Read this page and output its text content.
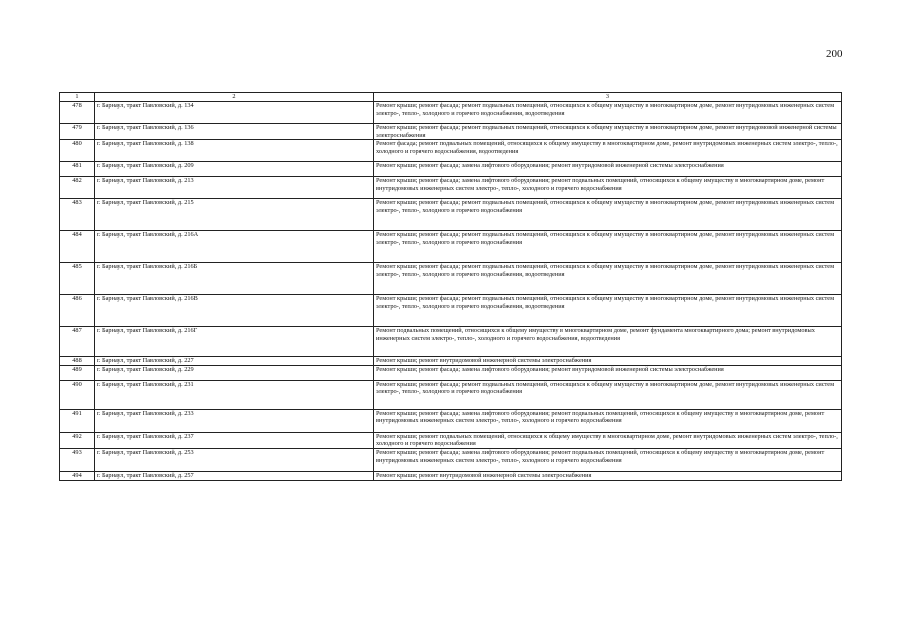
200
1	2	3
478	г. Барнаул, тракт Павловский, д. 134	Ремонт крыши; ремонт фасада; ремонт подвальных помещений, относящихся к общему имуществу в многоквартирном доме, ремонт внутридомовых инженерных систем электро-, тепло-, холодного и горячего водоснабжения, водоотведения
479	г. Барнаул, тракт Павловский, д. 136	Ремонт крыши; ремонт фасада; ремонт подвальных помещений, относящихся к общему имуществу в многоквартирном доме, ремонт внутридомовой инженерной системы электроснабжения
480	г. Барнаул, тракт Павловский, д. 138	Ремонт фасада; ремонт подвальных помещений, относящихся к общему имуществу в многоквартирном доме, ремонт внутридомовых инженерных систем электро-, тепло-, холодного и горячего водоснабжения, водоотведения
481	г. Барнаул, тракт Павловский, д. 209	Ремонт крыши; ремонт фасада; замена лифтового оборудования; ремонт внутридомовой инженерной системы электроснабжения
482	г. Барнаул, тракт Павловский, д. 213	Ремонт крыши; ремонт фасада; замена лифтового оборудования; ремонт подвальных помещений, относящихся к общему имуществу в многоквартирном доме, ремонт внутридомовых инженерных систем электро-, тепло-, холодного и горячего водоснабжения
483	г. Барнаул, тракт Павловский, д. 215	Ремонт крыши; ремонт фасада; ремонт подвальных помещений, относящихся к общему имуществу в многоквартирном доме, ремонт внутридомовых инженерных систем электро-, тепло-, холодного и горячего водоснабжения
484	г. Барнаул, тракт Павловский, д. 216А	Ремонт крыши; ремонт фасада; ремонт подвальных помещений, относящихся к общему имуществу в многоквартирном доме, ремонт внутридомовых инженерных систем электро-, тепло-, холодного и горячего водоснабжения
485	г. Барнаул, тракт Павловский, д. 216Б	Ремонт крыши; ремонт фасада; ремонт подвальных помещений, относящихся к общему имуществу в многоквартирном доме, ремонт внутридомовых инженерных систем электро-, тепло-, холодного и горячего водоснабжения, водоотведения
486	г. Барнаул, тракт Павловский, д. 216В	Ремонт крыши; ремонт фасада; ремонт подвальных помещений, относящихся к общему имуществу в многоквартирном доме, ремонт внутридомовых инженерных систем электро-, тепло-, холодного и горячего водоснабжения, водоотведения
487	г. Барнаул, тракт Павловский, д. 216Г	Ремонт подвальных помещений, относящихся к общему имуществу в многоквартирном доме, ремонт фундамента многоквартирного дома; ремонт внутридомовых инженерных систем электро-, тепло-, холодного и горячего водоснабжения, водоотведения
488	г. Барнаул, тракт Павловский, д. 227	Ремонт крыши; ремонт внутридомовой инженерной системы электроснабжения
489	г. Барнаул, тракт Павловский, д. 229	Ремонт крыши; ремонт фасада; замена лифтового оборудования; ремонт внутридомовой инженерной системы электроснабжения
490	г. Барнаул, тракт Павловский, д. 231	Ремонт крыши; ремонт фасада; ремонт подвальных помещений, относящихся к общему имуществу в многоквартирном доме, ремонт внутридомовых инженерных систем электро-, тепло-, холодного и горячего водоснабжения
491	г. Барнаул, тракт Павловский, д. 233	Ремонт крыши; ремонт фасада; замена лифтового оборудования; ремонт подвальных помещений, относящихся к общему имуществу в многоквартирном доме, ремонт внутридомовых инженерных систем электро-, тепло-, холодного и горячего водоснабжения
492	г. Барнаул, тракт Павловский, д. 237	Ремонт крыши; ремонт подвальных помещений, относящихся к общему имуществу в многоквартирном доме, ремонт внутридомовых инженерных систем электро-, тепло-, холодного и горячего водоснабжения
493	г. Барнаул, тракт Павловский, д. 253	Ремонт крыши; ремонт фасада; замена лифтового оборудования; ремонт подвальных помещений, относящихся к общему имуществу в многоквартирном доме, ремонт внутридомовых инженерных систем электро-, тепло-, холодного и горячего водоснабжения
494	г. Барнаул, тракт Павловский, д. 257	Ремонт крыши; ремонт внутридомовой инженерной системы электроснабжения
